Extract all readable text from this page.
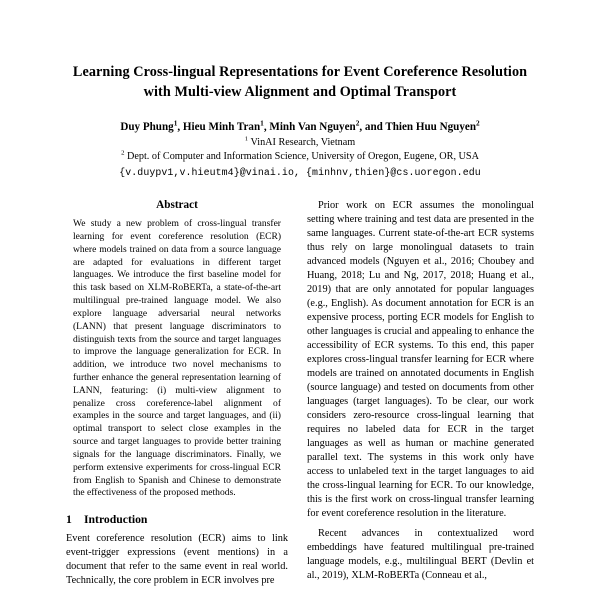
Learning Cross-lingual Representations for Event Coreference Resolution
with Multi-view Alignment and Optimal Transport
Duy Phung$^1$, Hieu Minh Tran$^1$, Minh Van Nguyen$^2$, and Thien Huu Nguyen$^2$
$^1$ VinAI Research, Vietnam
$^2$ Dept. of Computer and Information Science, University of Oregon, Eugene, OR, USA
{v.duypv1,v.hieutm4}@vinai.io, {minhnv,thien}@cs.uoregon.edu
Abstract

We study a new problem of cross-lingual transfer learning for event coreference resolution (ECR) where models trained on data from a source language are adapted for evaluations in different target languages. We introduce the first baseline model for this task based on XLM-RoBERTa, a state-of-the-art multilingual pre-trained language model. We also explore language adversarial neural networks (LANN) that present language discriminators to distinguish texts from the source and target languages to improve the language generalization for ECR. In addition, we introduce two novel mechanisms to further enhance the general representation learning of LANN, featuring: (i) multi-view alignment to penalize cross coreference-label alignment of examples in the source and target languages, and (ii) optimal transport to select close examples in the source and target languages to provide better training signals for the language discriminators. Finally, we perform extensive experiments for cross-lingual ECR from English to Spanish and Chinese to demonstrate the effectiveness of the proposed methods.

1 Introduction

Event coreference resolution (ECR) aims to link event-trigger expressions (event mentions) in a document that refer to the same event in real world. Technically, the core problem in ECR involves pre

Prior work on ECR assumes the monolingual setting where training and test data are presented in the same languages. Current state-of-the-art ECR systems thus rely on large monolingual datasets to train advanced models (Nguyen et al., 2016; Choubey and Huang, 2018; Lu and Ng, 2017, 2018; Huang et al., 2019) that are only annotated for popular languages (e.g., English). As document annotation for ECR is an expensive process, porting ECR models for English to other languages is crucial and appealing to enhance the accessibility of ECR systems. To this end, this paper explores cross-lingual transfer learning for ECR where models are trained on annotated documents in English (source language) and tested on documents from other languages (target languages). To be clear, our work considers zero-resource cross-lingual learning that requires no labeled data for ECR in the target languages as well as human or machine generated parallel text. The systems in this work only have access to unlabeled text in the target languages to aid the cross-lingual learning for ECR. To our knowledge, this is the first work on cross-lingual transfer learning for event coreference resolution in the literature.

Recent advances in contextualized word embeddings have featured multilingual pre-trained language models, e.g., multilingual BERT (Devlin et al., 2019), XLM-RoBERTa (Conneau et al.,
